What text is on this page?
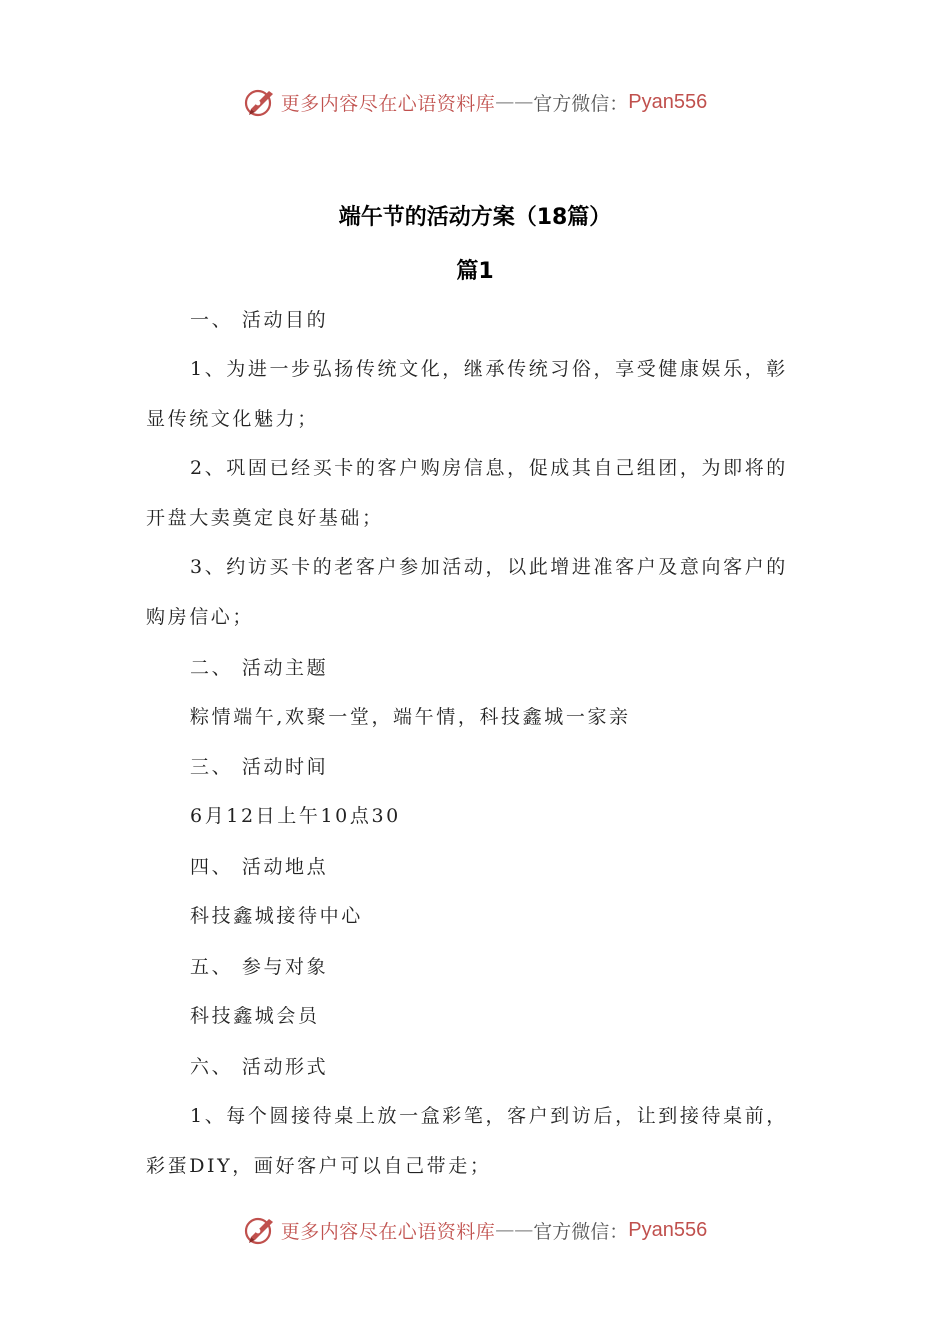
更多内容尽在心语资料库 —— 官方微信： Pyan556
端午节的活动方案（18篇）
篇1
一、 活动目的
1、为进一步弘扬传统文化，继承传统习俗，享受健康娱乐，彰
显传统文化魅力；
2、巩固已经买卡的客户购房信息，促成其自己组团，为即将的
开盘大卖奠定良好基础；
3、约访买卡的老客户参加活动，以此增进准客户及意向客户的
购房信心；
二、 活动主题
粽情端午,欢聚一堂，端午情，科技鑫城一家亲
三、 活动时间
6月12日上午10点30
四、 活动地点
科技鑫城接待中心
五、 参与对象
科技鑫城会员
六、 活动形式
1、每个圆接待桌上放一盒彩笔，客户到访后，让到接待桌前，
彩蛋DIY，画好客户可以自己带走；
更多内容尽在心语资料库 —— 官方微信： Pyan556
